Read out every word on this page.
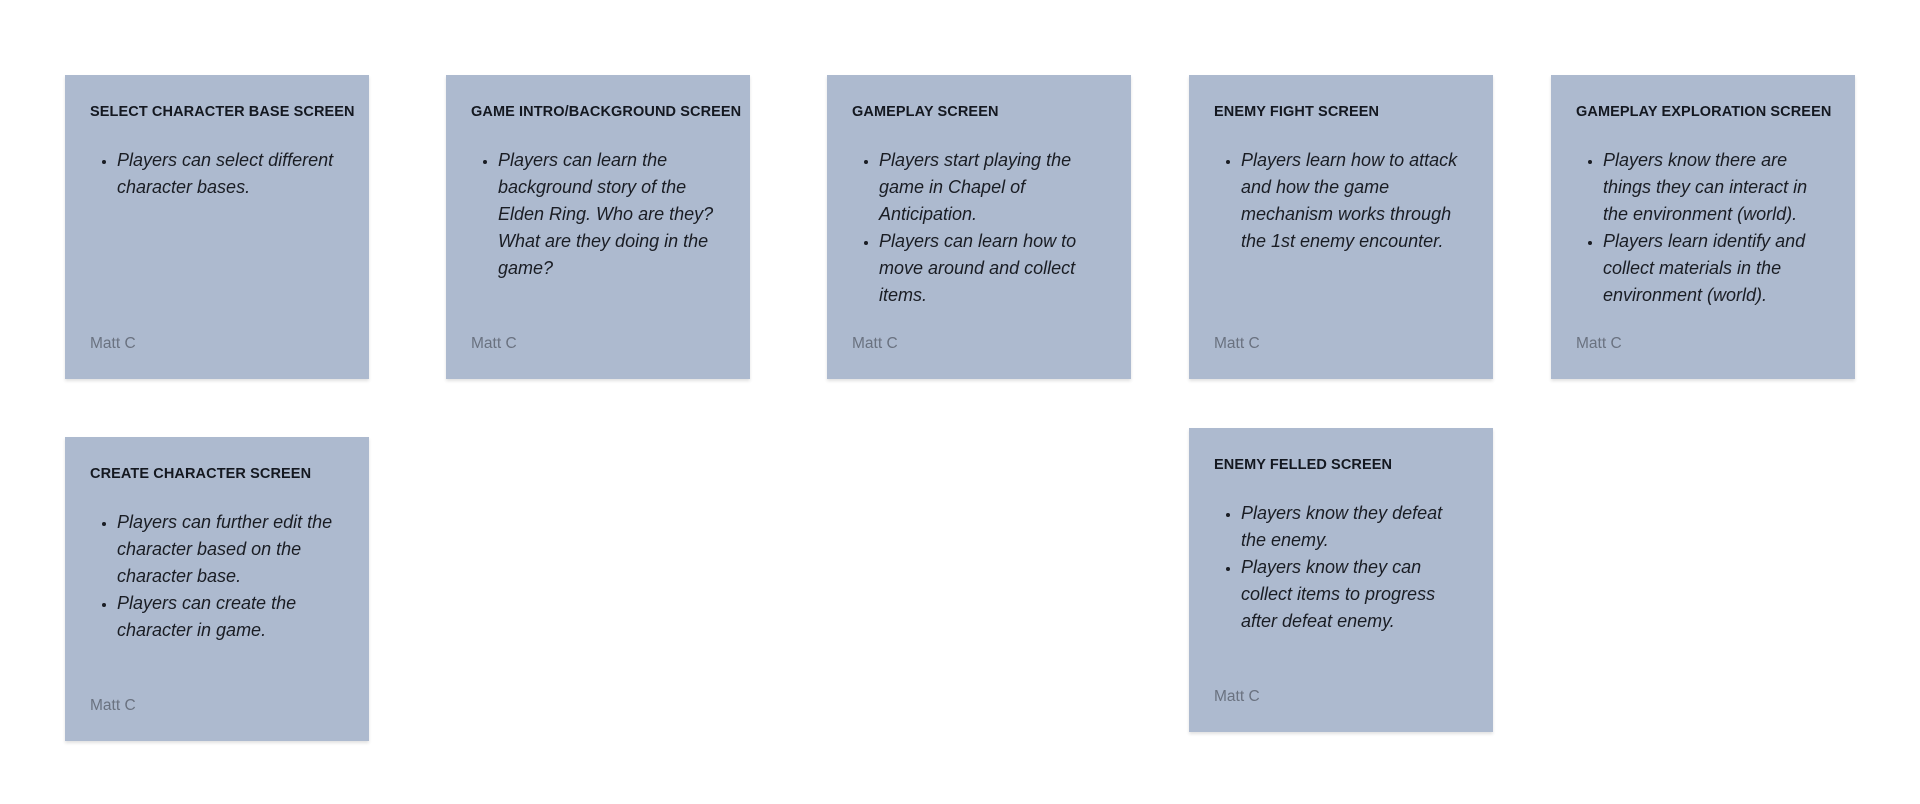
SELECT CHARACTER BASE SCREEN
• Players can select different character bases.
Matt C
GAME INTRO/BACKGROUND SCREEN
• Players can learn the background story of the Elden Ring. Who are they? What are they doing in the game?
Matt C
GAMEPLAY SCREEN
• Players start playing the game in Chapel of Anticipation.
• Players can learn how to move around and collect items.
Matt C
ENEMY FIGHT SCREEN
• Players learn how to attack and how the game mechanism works through the 1st enemy encounter.
Matt C
GAMEPLAY EXPLORATION SCREEN
• Players know there are things they can interact in the environment (world).
• Players learn identify and collect materials in the environment (world).
Matt C
CREATE CHARACTER SCREEN
• Players can further edit the character based on the character base.
• Players can create the character in game.
Matt C
ENEMY FELLED SCREEN
• Players know they defeat the enemy.
• Players know they can collect items to progress after defeat enemy.
Matt C
